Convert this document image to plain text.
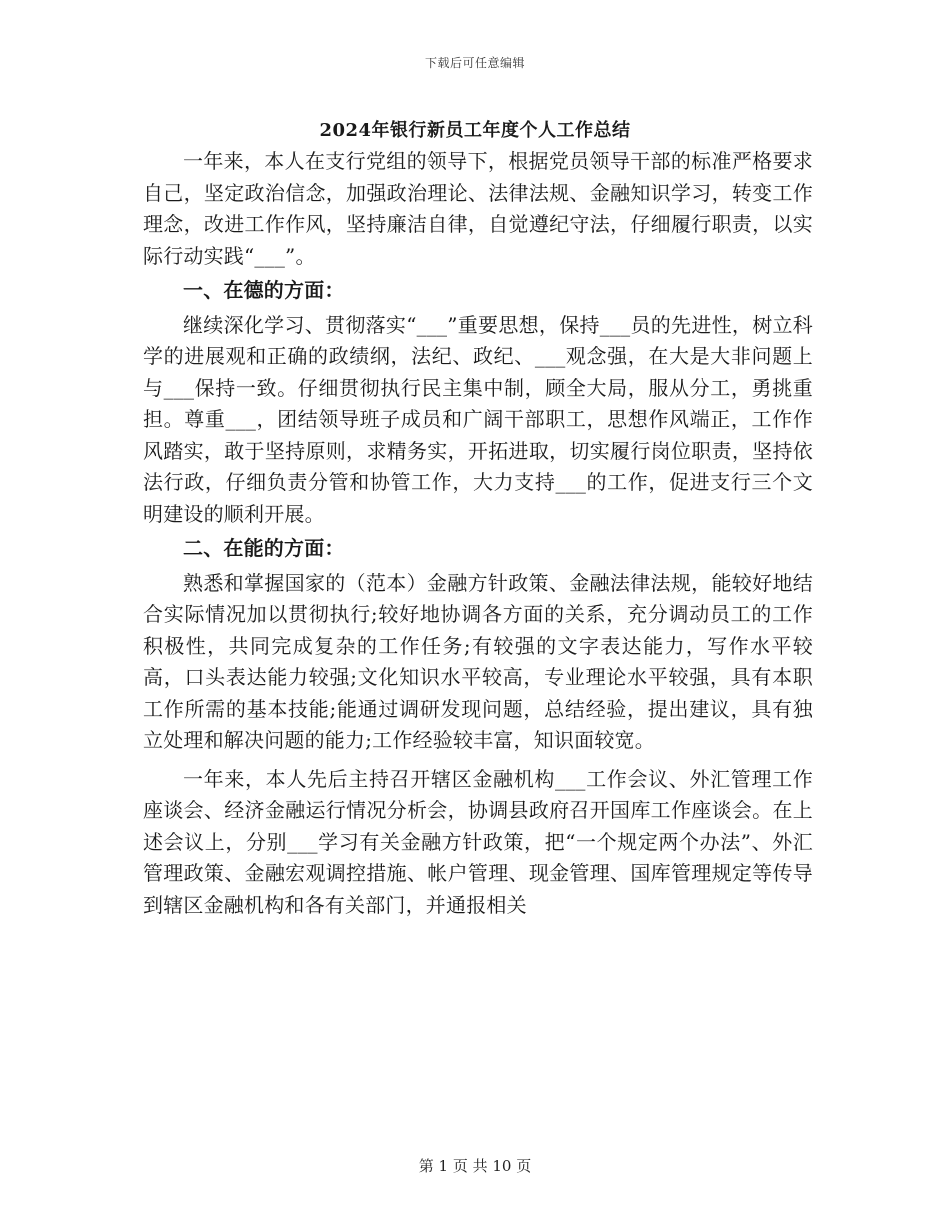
下载后可任意编辑
2024年银行新员工年度个人工作总结

一年来，本人在支行党组的领导下，根据党员领导干部的标准严格要求自己，坚定政治信念，加强政治理论、法律法规、金融知识学习，转变工作理念，改进工作作风，坚持廉洁自律，自觉遵纪守法，仔细履行职责，以实际行动实践“___”。

一、在德的方面：

继续深化学习、贯彻落实“___”重要思想，保持___员的先进性，树立科学的进展观和正确的政绩纲，法纪、政纪、___观念强，在大是大非问题上与___保持一致。仔细贯彻执行民主集中制，顾全大局，服从分工，勇挑重担。尊重___，团结领导班子成员和广阔干部职工，思想作风端正，工作作风踏实，敢于坚持原则，求精务实，开拓进取，切实履行岗位职责，坚持依法行政，仔细负责分管和协管工作，大力支持___的工作，促进支行三个文明建设的顺利开展。

二、在能的方面：

熟悉和掌握国家的（范本）金融方针政策、金融法律法规，能较好地结合实际情况加以贯彻执行;较好地协调各方面的关系，充分调动员工的工作积极性，共同完成复杂的工作任务;有较强的文字表达能力，写作水平较高，口头表达能力较强;文化知识水平较高，专业理论水平较强，具有本职工作所需的基本技能;能通过调研发现问题，总结经验，提出建议，具有独立处理和解决问题的能力;工作经验较丰富，知识面较宽。

一年来，本人先后主持召开辖区金融机构___工作会议、外汇管理工作座谈会、经济金融运行情况分析会，协调县政府召开国库工作座谈会。在上述会议上，分别___学习有关金融方针政策，把“一个规定两个办法”、外汇管理政策、金融宏观调控措施、帐户管理、现金管理、国库管理规定等传导到辖区金融机构和各有关部门，并通报相关

第 1 页 共 10 页
